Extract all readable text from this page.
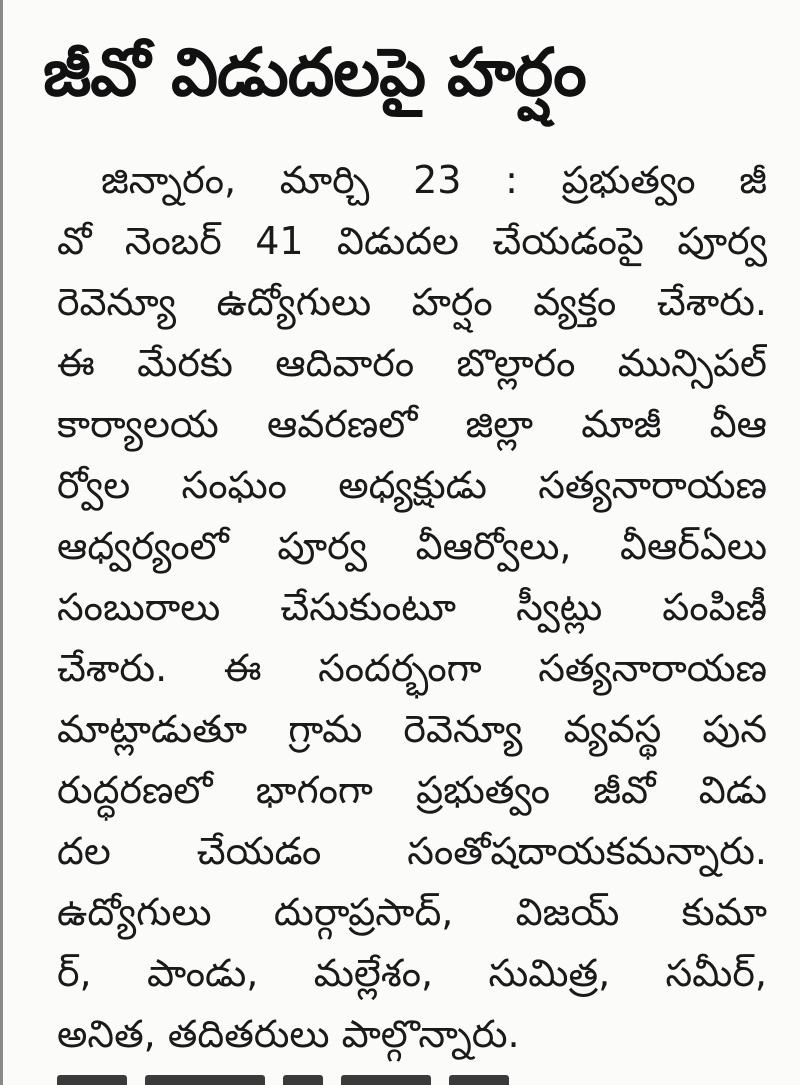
జీవో విడుదలపై హర్షం
జిన్నారం, మార్చి 23 : ప్రభుత్వం జీ
వో నెంబర్ 41 విడుదల చేయడంపై పూర్వ
రెవెన్యూ ఉద్యోగులు హర్షం వ్యక్తం చేశారు.
ఈ మేరకు ఆదివారం బొల్లారం మున్సిపల్
కార్యాలయ ఆవరణలో జిల్లా మాజీ వీఆ
ర్వోల సంఘం అధ్యక్షుడు సత్యనారాయణ
ఆధ్వర్యంలో పూర్వ వీఆర్వోలు, వీఆర్ఏలు
సంబురాలు చేసుకుంటూ స్వీట్లు పంపిణీ
చేశారు. ఈ సందర్భంగా సత్యనారాయణ
మాట్లాడుతూ గ్రామ రెవెన్యూ వ్యవస్థ పున
రుద్ధరణలో భాగంగా ప్రభుత్వం జీవో విడు
దల చేయడం సంతోషదాయకమన్నారు.
ఉద్యోగులు దుర్గాప్రసాద్, విజయ్ కుమా
ర్, పాండు, మల్లేశం, సుమిత్ర, సమీర్,
అనిత, తదితరులు పాల్గొన్నారు.
